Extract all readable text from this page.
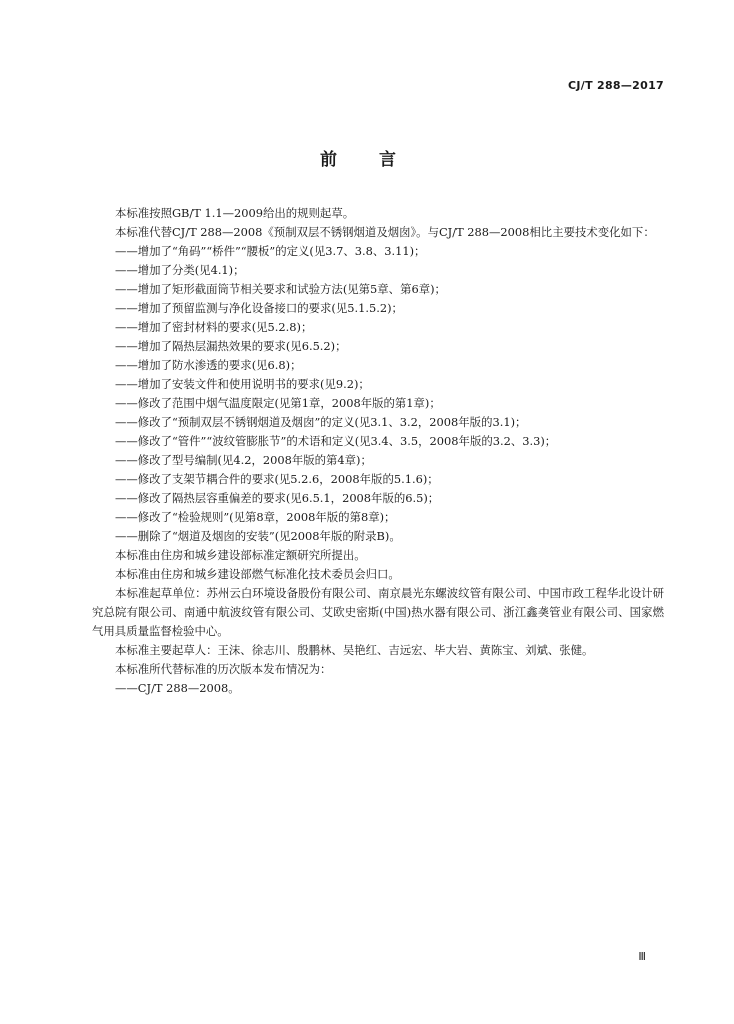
CJ/T 288—2017
前 言

本标准按照GB/T 1.1—2009给出的规则起草。

本标准代替CJ/T 288—2008《预制双层不锈钢烟道及烟囱》。与CJ/T 288—2008相比主要技术变化如下：

——增加了“角码”“桥件”“腰板”的定义(见3.7、3.8、3.11)；

——增加了分类(见4.1)；

——增加了矩形截面筒节相关要求和试验方法(见第5章、第6章)；

——增加了预留监测与净化设备接口的要求(见5.1.5.2)；

——增加了密封材料的要求(见5.2.8)；

——增加了隔热层漏热效果的要求(见6.5.2)；

——增加了防水渗透的要求(见6.8)；

——增加了安装文件和使用说明书的要求(见9.2)；

——修改了范围中烟气温度限定(见第1章，2008年版的第1章)；

——修改了“预制双层不锈钢烟道及烟囱”的定义(见3.1、3.2，2008年版的3.1)；

——修改了“管件”“波纹管膨胀节”的术语和定义(见3.4、3.5，2008年版的3.2、3.3)；

——修改了型号编制(见4.2，2008年版的第4章)；

——修改了支架节耦合件的要求(见5.2.6，2008年版的5.1.6)；

——修改了隔热层容重偏差的要求(见6.5.1，2008年版的6.5)；

——修改了“检验规则”(见第8章，2008年版的第8章)；

——删除了“烟道及烟囱的安装”(见2008年版的附录B)。

本标准由住房和城乡建设部标准定额研究所提出。

本标准由住房和城乡建设部燃气标准化技术委员会归口。

本标准起草单位：苏州云白环境设备股份有限公司、南京晨光东螺波纹管有限公司、中国市政工程华北设计研究总院有限公司、南通中航波纹管有限公司、艾欧史密斯(中国)热水器有限公司、浙江鑫䶮管业有限公司、国家燃气用具质量监督检验中心。

本标准主要起草人：王沫、徐志川、殷鹏林、吴艳红、吉远宏、毕大岩、黄陈宝、刘斌、张健。

本标准所代替标准的历次版本发布情况为：

——CJ/T 288—2008。

Ⅲ
